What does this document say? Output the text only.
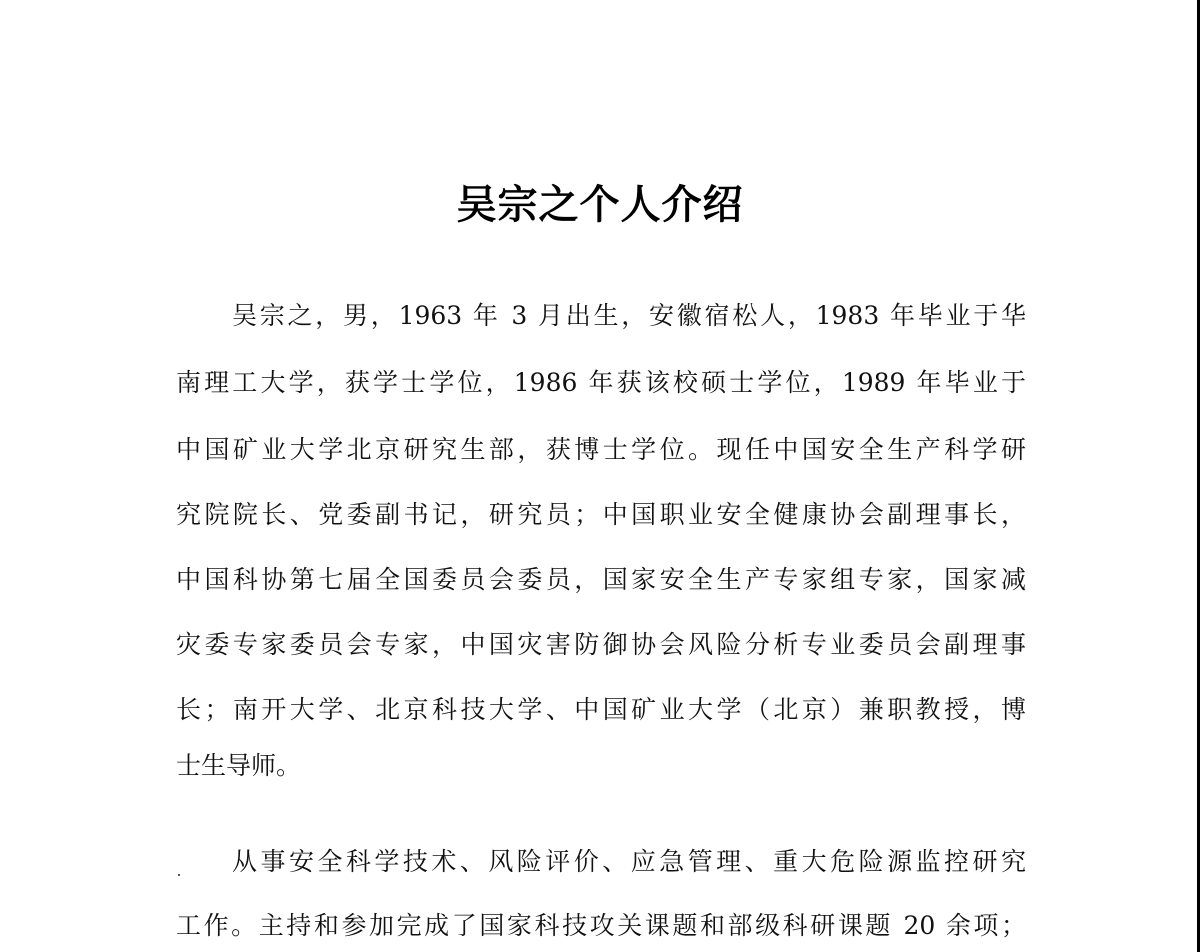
吴宗之个人介绍
吴宗之，男，1963 年 3 月出生，安徽宿松人，1983 年毕业于华
南理工大学，获学士学位，1986 年获该校硕士学位，1989 年毕业于
中国矿业大学北京研究生部，获博士学位。现任中国安全生产科学研
究院院长、党委副书记，研究员；中国职业安全健康协会副理事长，
中国科协第七届全国委员会委员，国家安全生产专家组专家，国家减
灾委专家委员会专家，中国灾害防御协会风险分析专业委员会副理事
长；南开大学、北京科技大学、中国矿业大学（北京）兼职教授，博
士生导师。
从事安全科学技术、风险评价、应急管理、重大危险源监控研究
工作。主持和参加完成了国家科技攻关课题和部级科研课题 20 余项；
